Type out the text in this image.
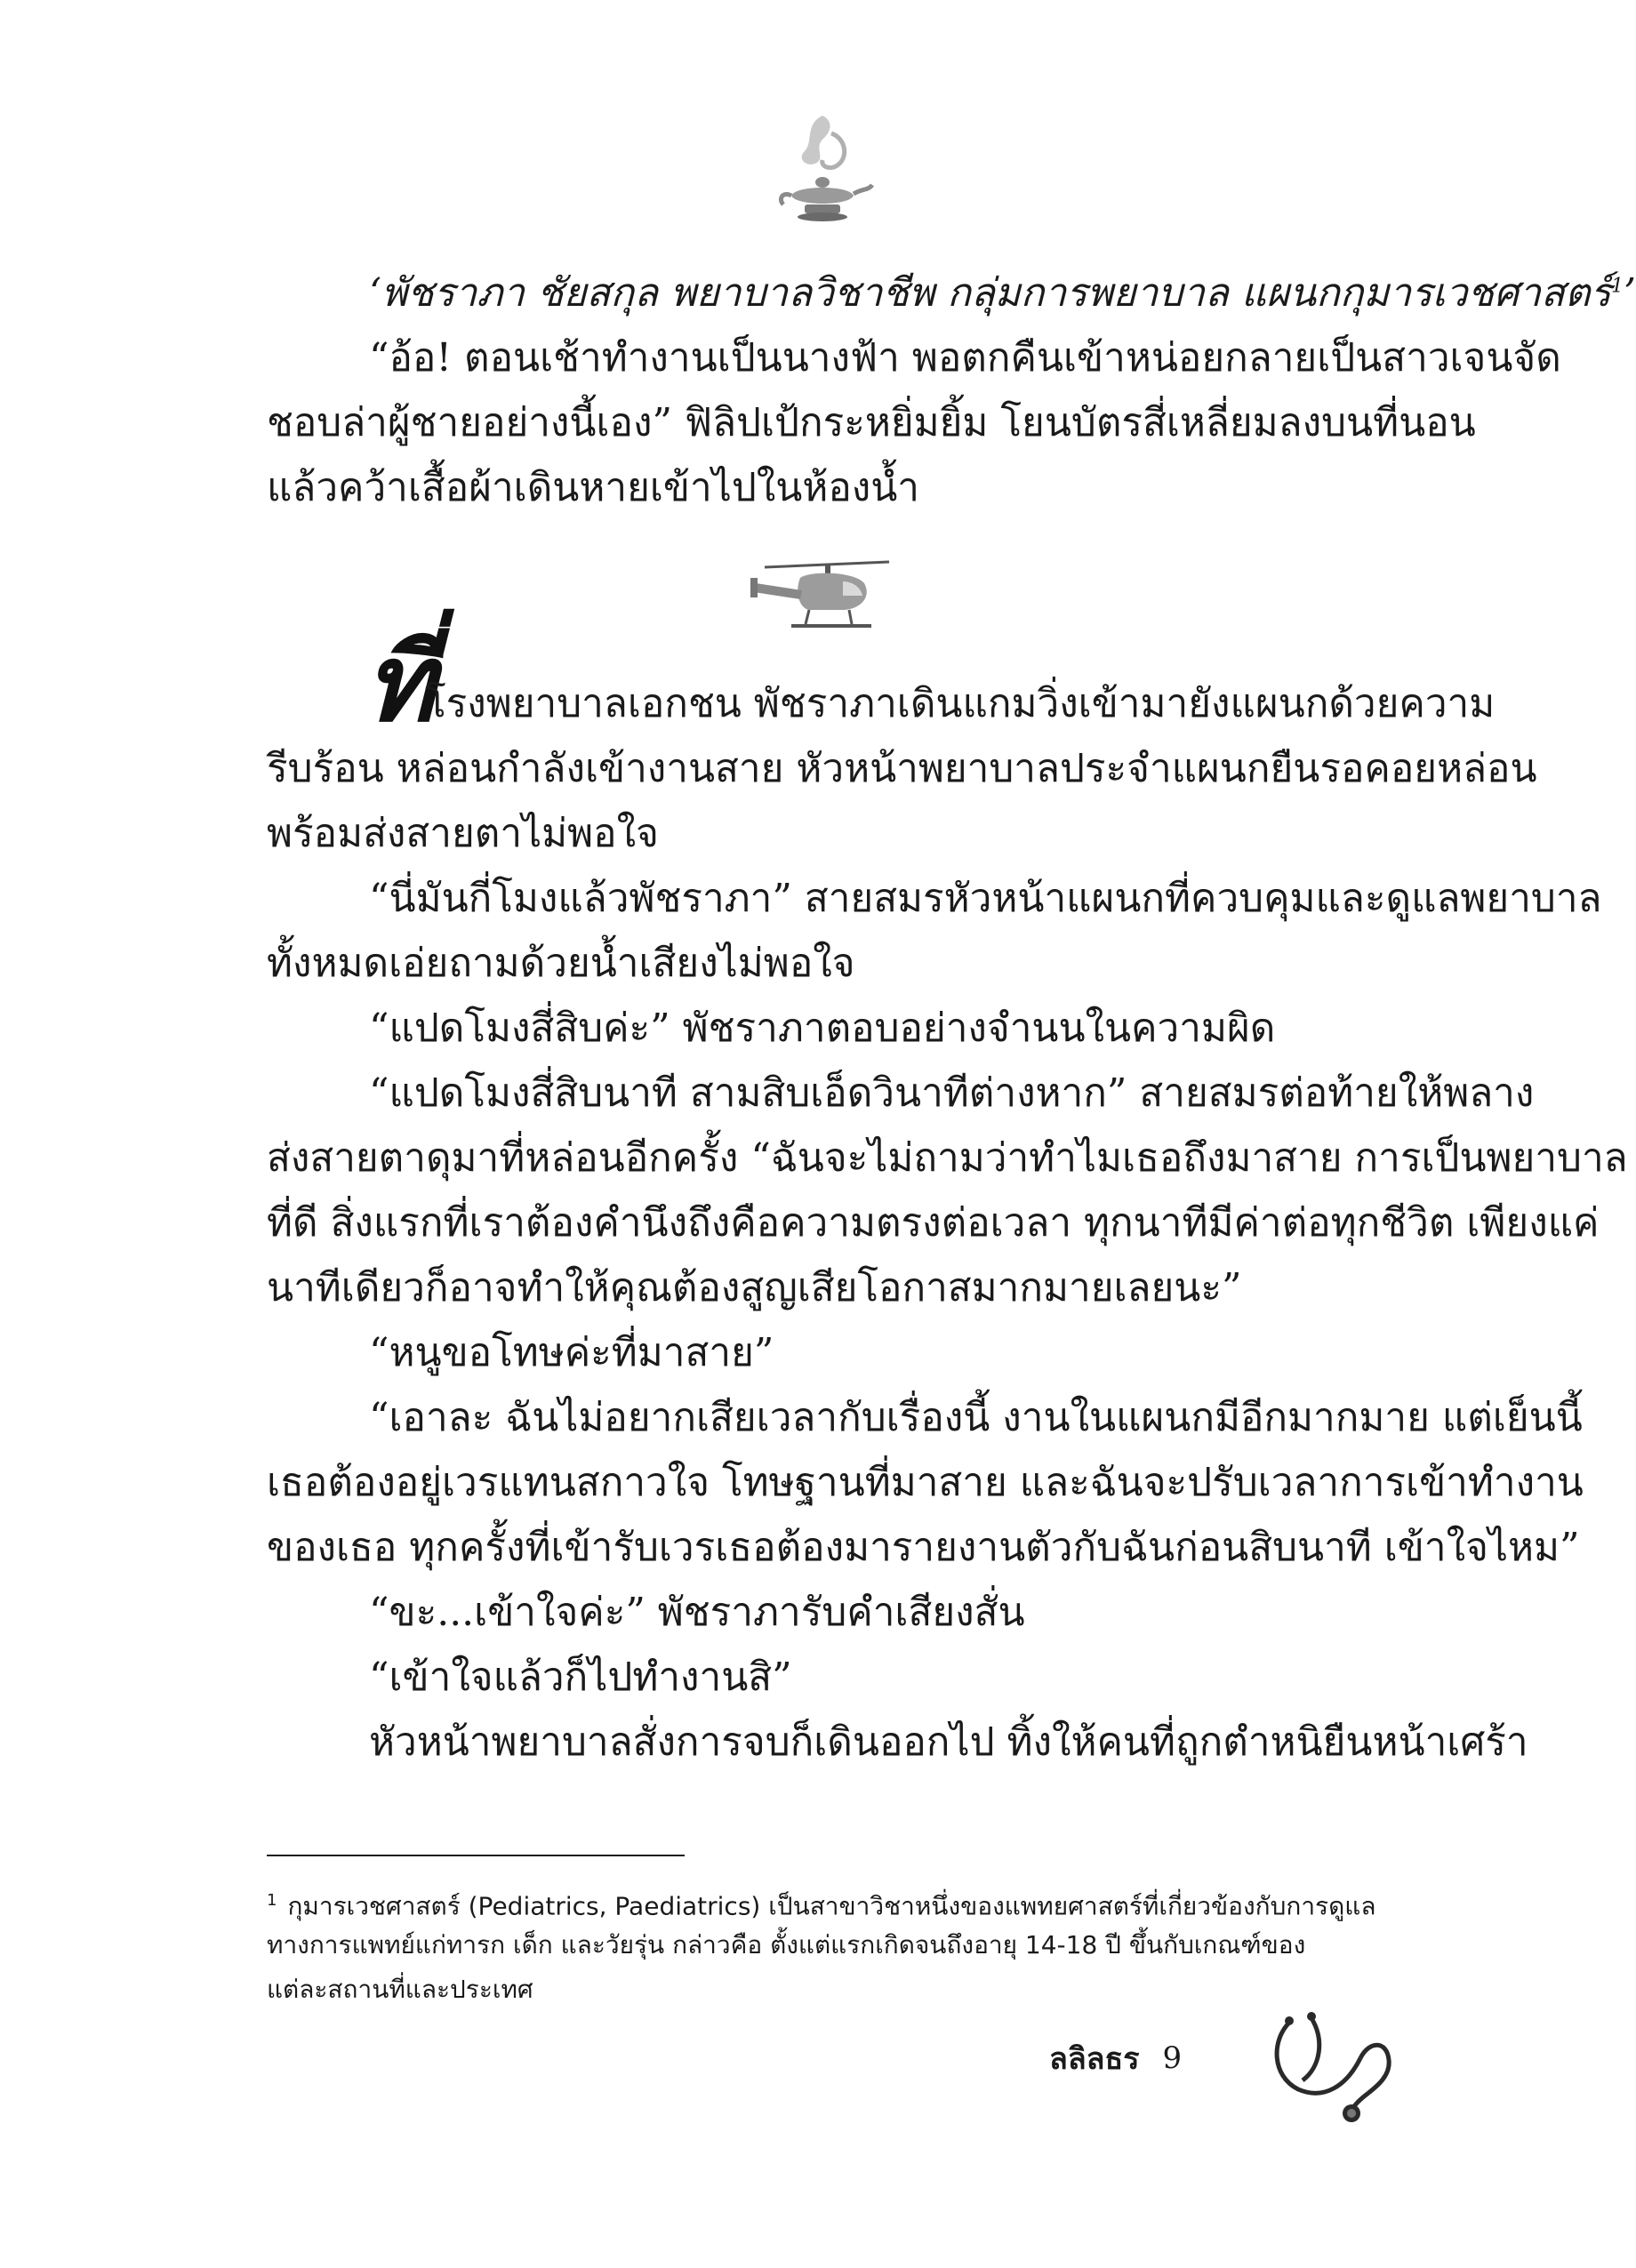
‘พัชราภา ชัยสกุล พยาบาลวิชาชีพ กลุ่มการพยาบาล แผนกกุมารเวชศาสตร์$^1$’
“อ้อ! ตอนเช้าทำงานเป็นนางฟ้า พอตกคืนเข้าหน่อยกลายเป็นสาวเจนจัด
ชอบล่าผู้ชายอย่างนี้เอง” ฟิลิปเป้กระหยิ่มยิ้ม โยนบัตรสี่เหลี่ยมลงบนที่นอน
แล้วคว้าเสื้อผ้าเดินหายเข้าไปในห้องน้ำ
ที่
โรงพยาบาลเอกชน พัชราภาเดินแกมวิ่งเข้ามายังแผนกด้วยความ
รีบร้อน หล่อนกำลังเข้างานสาย หัวหน้าพยาบาลประจำแผนกยืนรอคอยหล่อน
พร้อมส่งสายตาไม่พอใจ
“นี่มันกี่โมงแล้วพัชราภา” สายสมรหัวหน้าแผนกที่ควบคุมและดูแลพยาบาล
ทั้งหมดเอ่ยถามด้วยน้ำเสียงไม่พอใจ
“แปดโมงสี่สิบค่ะ” พัชราภาตอบอย่างจำนนในความผิด
“แปดโมงสี่สิบนาที สามสิบเอ็ดวินาทีต่างหาก” สายสมรต่อท้ายให้พลาง
ส่งสายตาดุมาที่หล่อนอีกครั้ง “ฉันจะไม่ถามว่าทำไมเธอถึงมาสาย การเป็นพยาบาล
ที่ดี สิ่งแรกที่เราต้องคำนึงถึงคือความตรงต่อเวลา ทุกนาทีมีค่าต่อทุกชีวิต เพียงแค่
นาทีเดียวก็อาจทำให้คุณต้องสูญเสียโอกาสมากมายเลยนะ”
“หนูขอโทษค่ะที่มาสาย”
“เอาละ ฉันไม่อยากเสียเวลากับเรื่องนี้ งานในแผนกมีอีกมากมาย แต่เย็นนี้
เธอต้องอยู่เวรแทนสกาวใจ โทษฐานที่มาสาย และฉันจะปรับเวลาการเข้าทำงาน
ของเธอ ทุกครั้งที่เข้ารับเวรเธอต้องมารายงานตัวกับฉันก่อนสิบนาที เข้าใจไหม”
“ขะ...เข้าใจค่ะ” พัชราภารับคำเสียงสั่น
“เข้าใจแล้วก็ไปทำงานสิ”
หัวหน้าพยาบาลสั่งการจบก็เดินออกไป ทิ้งให้คนที่ถูกตำหนิยืนหน้าเศร้า
$^1$ กุมารเวชศาสตร์ (Pediatrics, Paediatrics) เป็นสาขาวิชาหนึ่งของแพทยศาสตร์ที่เกี่ยวข้องกับการดูแล
ทางการแพทย์แก่ทารก เด็ก และวัยรุ่น กล่าวคือ ตั้งแต่แรกเกิดจนถึงอายุ 14-18 ปี ขึ้นกับเกณฑ์ของ
แต่ละสถานที่และประเทศ
ลลิลธร 9
